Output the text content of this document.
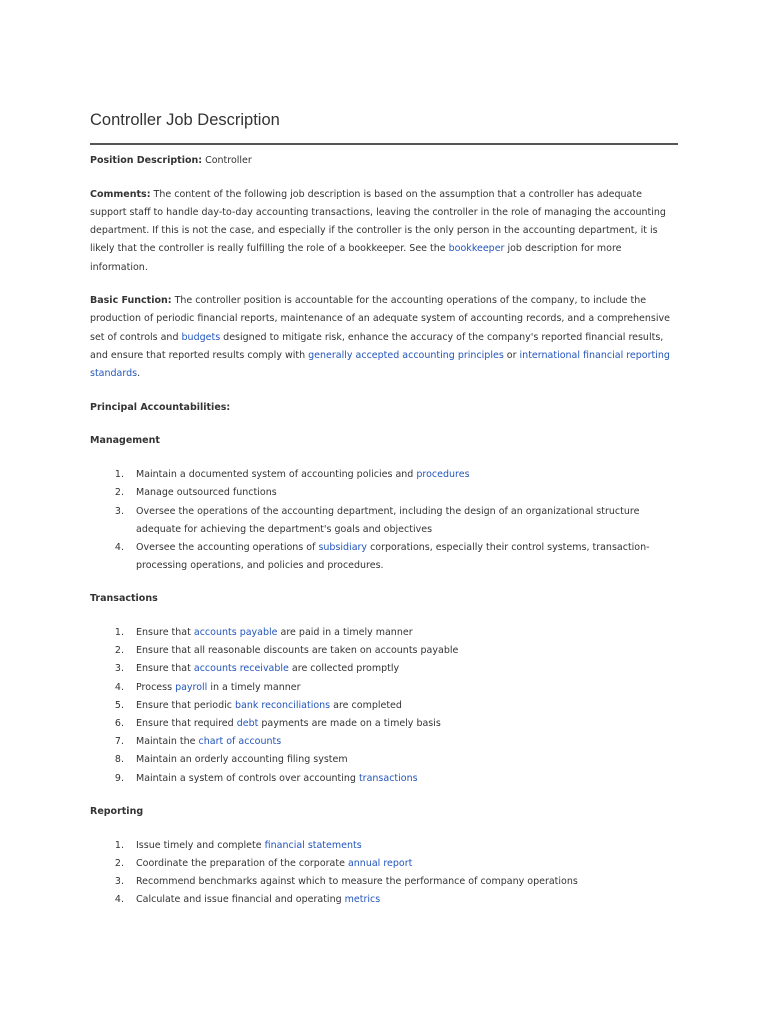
Controller Job Description

Position Description: Controller

Comments: The content of the following job description is based on the assumption that a controller has adequate support staff to handle day-to-day accounting transactions, leaving the controller in the role of managing the accounting department. If this is not the case, and especially if the controller is the only person in the accounting department, it is likely that the controller is really fulfilling the role of a bookkeeper. See the bookkeeper job description for more information.

Basic Function: The controller position is accountable for the accounting operations of the company, to include the production of periodic financial reports, maintenance of an adequate system of accounting records, and a comprehensive set of controls and budgets designed to mitigate risk, enhance the accuracy of the company's reported financial results, and ensure that reported results comply with generally accepted accounting principles or international financial reporting standards.

Principal Accountabilities:

Management

1. Maintain a documented system of accounting policies and procedures
2. Manage outsourced functions
3. Oversee the operations of the accounting department, including the design of an organizational structure adequate for achieving the department's goals and objectives
4. Oversee the accounting operations of subsidiary corporations, especially their control systems, transaction-processing operations, and policies and procedures.

Transactions

1. Ensure that accounts payable are paid in a timely manner
2. Ensure that all reasonable discounts are taken on accounts payable
3. Ensure that accounts receivable are collected promptly
4. Process payroll in a timely manner
5. Ensure that periodic bank reconciliations are completed
6. Ensure that required debt payments are made on a timely basis
7. Maintain the chart of accounts
8. Maintain an orderly accounting filing system
9. Maintain a system of controls over accounting transactions

Reporting

1. Issue timely and complete financial statements
2. Coordinate the preparation of the corporate annual report
3. Recommend benchmarks against which to measure the performance of company operations
4. Calculate and issue financial and operating metrics
